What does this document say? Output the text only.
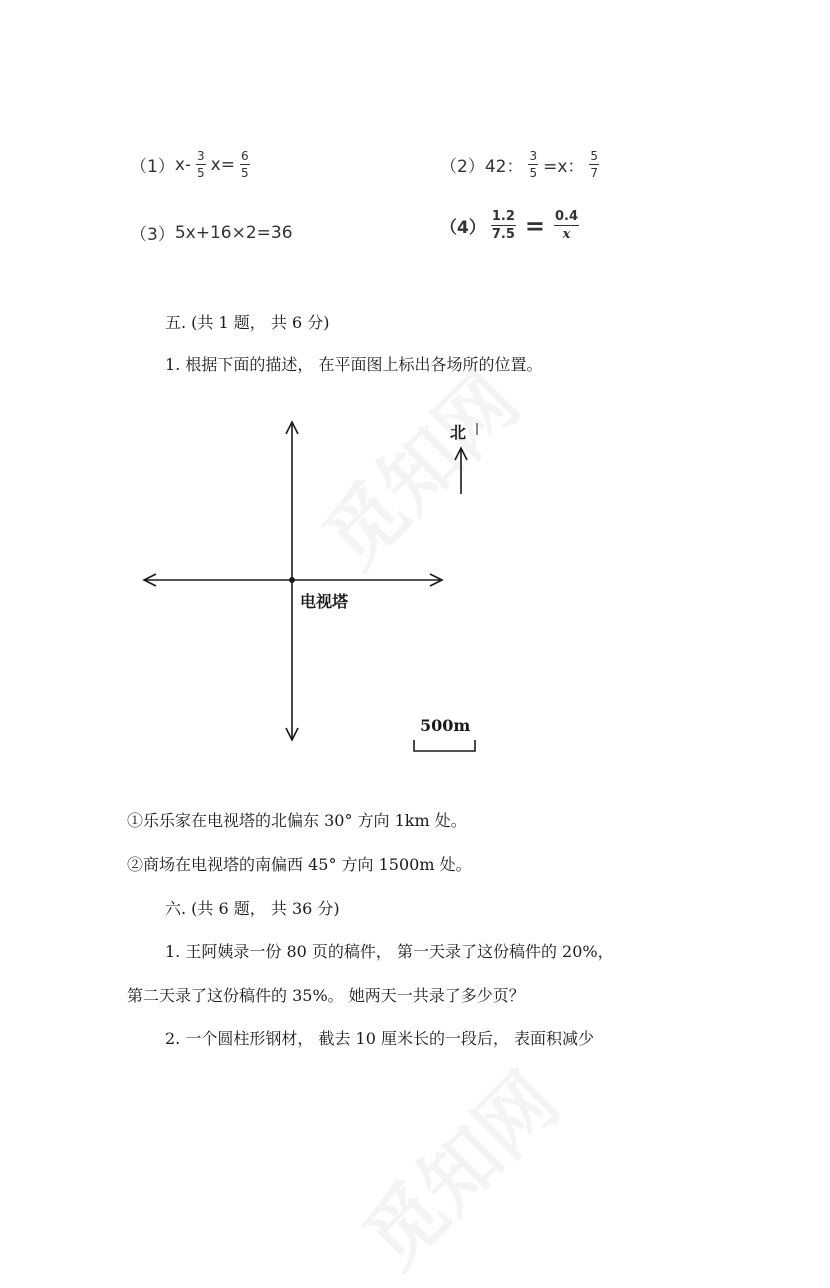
（1） $x- \frac{3}{5} x= \frac{6}{5}$	（2） 42： $\frac{3}{5} =x$： $\frac{5}{7}$
（3） 5x+16×2=36	$(4) \frac{1.2}{7.5} = \frac{0.4}{x}$
五. (共 1 题， 共 6 分)
1. 根据下面的描述， 在平面图上标出各场所的位置。
北
电视塔
500m
①乐乐家在电视塔的北偏东 30° 方向 1km 处。
②商场在电视塔的南偏西 45° 方向 1500m 处。
六. (共 6 题， 共 36 分)
1. 王阿姨录一份 80 页的稿件， 第一天录了这份稿件的 20%，
第二天录了这份稿件的 35%。 她两天一共录了多少页？
2. 一个圆柱形钢材， 截去 10 厘米长的一段后， 表面积减少
